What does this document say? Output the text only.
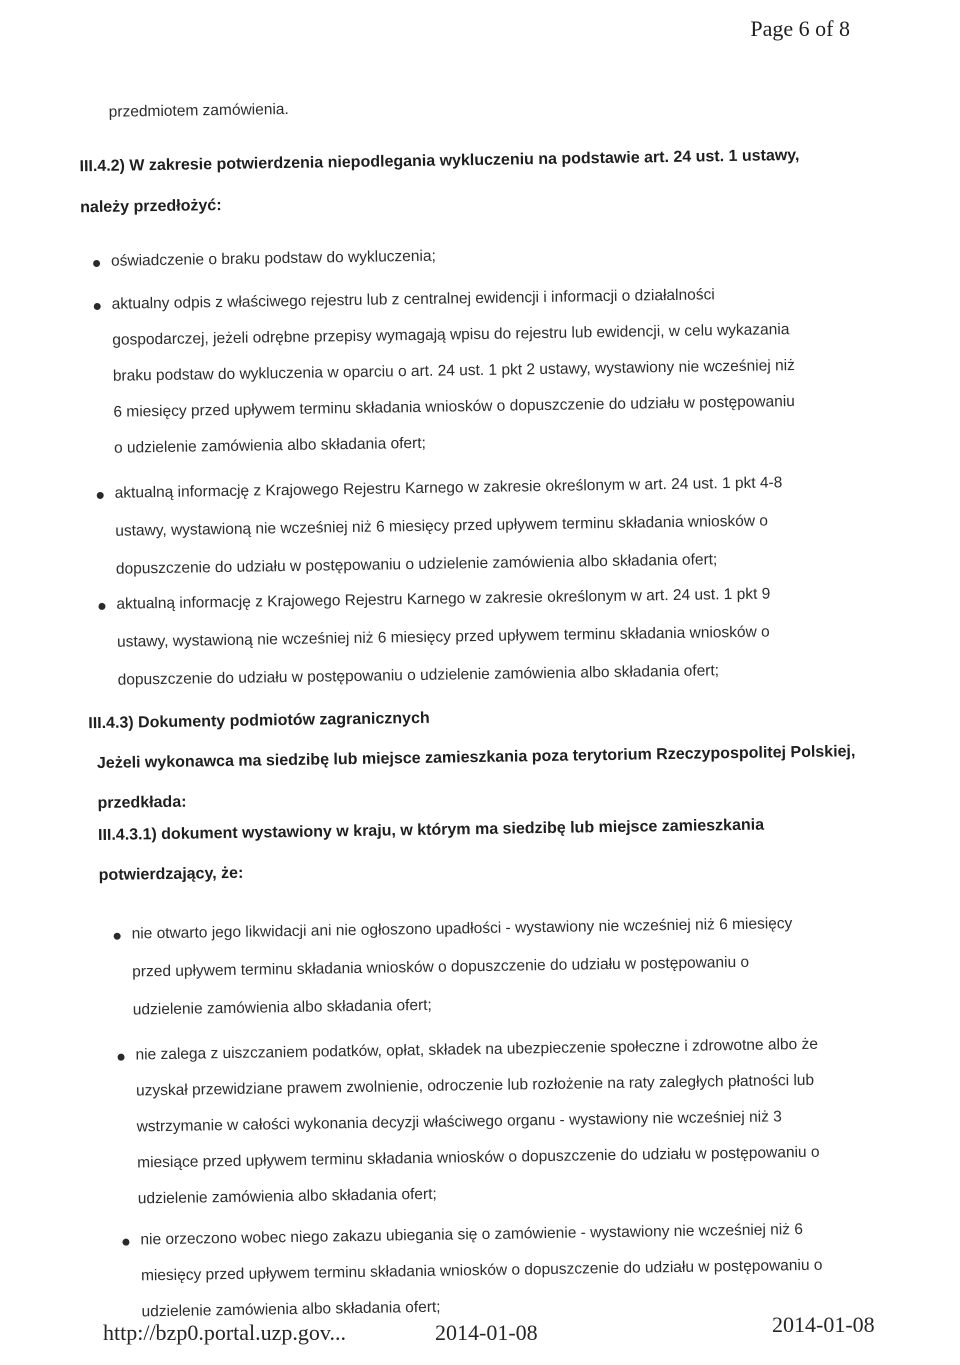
Page 6 of 8
przedmiotem zamówienia.
III.4.2) W zakresie potwierdzenia niepodlegania wykluczeniu na podstawie art. 24 ust. 1 ustawy,
należy przedłożyć:
oświadczenie o braku podstaw do wykluczenia;
aktualny odpis z właściwego rejestru lub z centralnej ewidencji i informacji o działalności
gospodarczej, jeżeli odrębne przepisy wymagają wpisu do rejestru lub ewidencji, w celu wykazania
braku podstaw do wykluczenia w oparciu o art. 24 ust. 1 pkt 2 ustawy, wystawiony nie wcześniej niż
6 miesięcy przed upływem terminu składania wniosków o dopuszczenie do udziału w postępowaniu
o udzielenie zamówienia albo składania ofert;
aktualną informację z Krajowego Rejestru Karnego w zakresie określonym w art. 24 ust. 1 pkt 4-8
ustawy, wystawioną nie wcześniej niż 6 miesięcy przed upływem terminu składania wniosków o
dopuszczenie do udziału w postępowaniu o udzielenie zamówienia albo składania ofert;
aktualną informację z Krajowego Rejestru Karnego w zakresie określonym w art. 24 ust. 1 pkt 9
ustawy, wystawioną nie wcześniej niż 6 miesięcy przed upływem terminu składania wniosków o
dopuszczenie do udziału w postępowaniu o udzielenie zamówienia albo składania ofert;
III.4.3) Dokumenty podmiotów zagranicznych
Jeżeli wykonawca ma siedzibę lub miejsce zamieszkania poza terytorium Rzeczypospolitej Polskiej,
przedkłada:
III.4.3.1) dokument wystawiony w kraju, w którym ma siedzibę lub miejsce zamieszkania
potwierdzający, że:
nie otwarto jego likwidacji ani nie ogłoszono upadłości - wystawiony nie wcześniej niż 6 miesięcy
przed upływem terminu składania wniosków o dopuszczenie do udziału w postępowaniu o
udzielenie zamówienia albo składania ofert;
nie zalega z uiszczaniem podatków, opłat, składek na ubezpieczenie społeczne i zdrowotne albo że
uzyskał przewidziane prawem zwolnienie, odroczenie lub rozłożenie na raty zaległych płatności lub
wstrzymanie w całości wykonania decyzji właściwego organu - wystawiony nie wcześniej niż 3
miesiące przed upływem terminu składania wniosków o dopuszczenie do udziału w postępowaniu o
udzielenie zamówienia albo składania ofert;
nie orzeczono wobec niego zakazu ubiegania się o zamówienie - wystawiony nie wcześniej niż 6
miesięcy przed upływem terminu składania wniosków o dopuszczenie do udziału w postępowaniu o
udzielenie zamówienia albo składania ofert;
http://bzp0.portal.uzp.gov...	2014-01-08	2014-01-08
